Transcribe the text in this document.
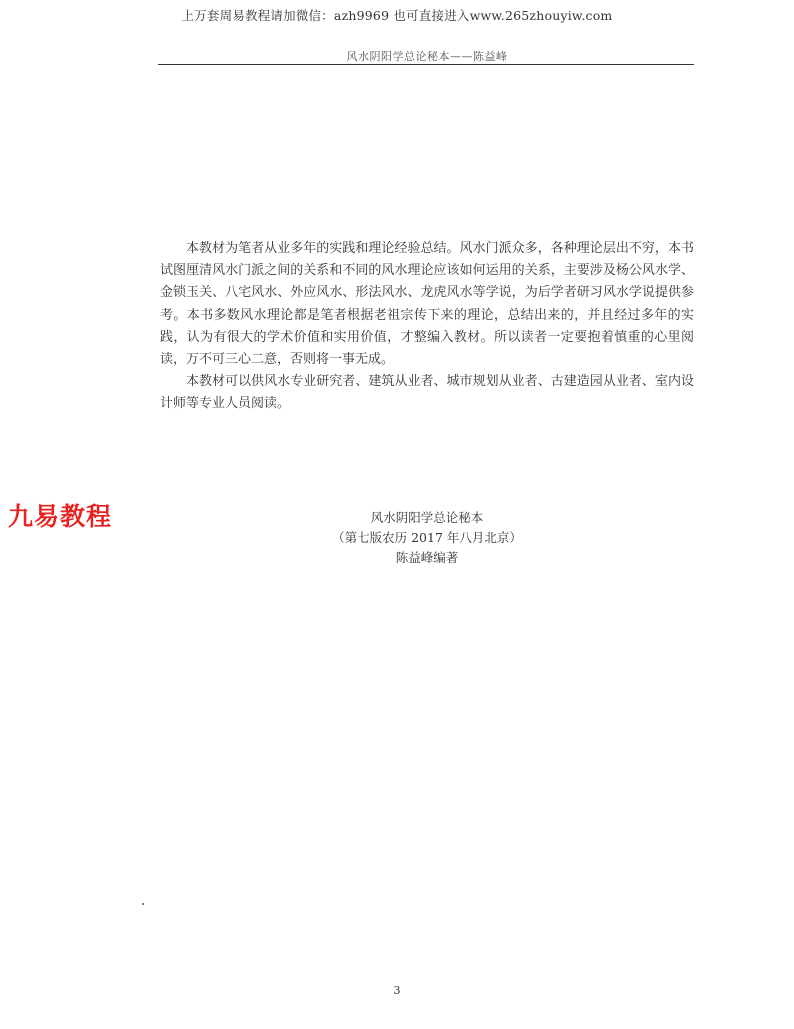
上万套周易教程请加微信：azh9969 也可直接进入www.265zhouyiw.com
风水阴阳学总论秘本——陈益峰

本教材为笔者从业多年的实践和理论经验总结。风水门派众多，各种理论层出不穷，本书试图厘清风水门派之间的关系和不同的风水理论应该如何运用的关系，主要涉及杨公风水学、金锁玉关、八宅风水、外应风水、形法风水、龙虎风水等学说，为后学者研习风水学说提供参考。本书多数风水理论都是笔者根据老祖宗传下来的理论，总结出来的，并且经过多年的实践，认为有很大的学术价值和实用价值，才整编入教材。所以读者一定要抱着慎重的心里阅读，万不可三心二意，否则将一事无成。

本教材可以供风水专业研究者、建筑从业者、城市规划从业者、古建造园从业者、室内设计师等专业人员阅读。

九易教程	风水阴阳学总论秘本
（第七版农历 2017 年八月北京）
陈益峰编著
3
